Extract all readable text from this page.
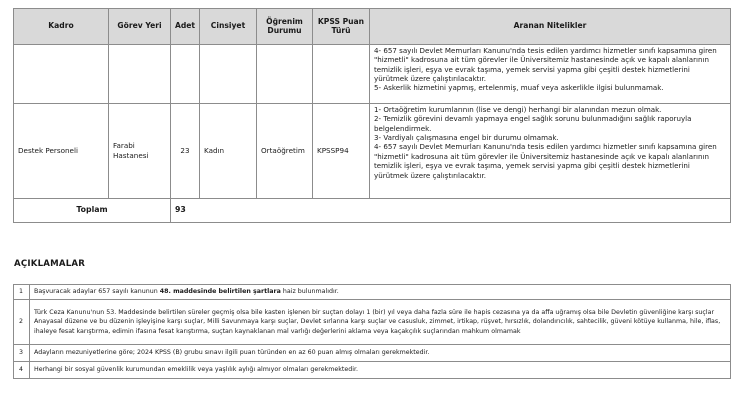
Kadro	Görev Yeri	Adet	Cinsiyet	Öğrenim Durumu	KPSS Puan Türü	Aranan Nitelikler

						4- 657 sayılı Devlet Memurları Kanunu'nda tesis edilen yardımcı hizmetler sınıfı kapsamına giren "hizmetli" kadrosuna ait tüm görevler ile Üniversitemiz hastanesinde açık ve kapalı alanlarının temizlik işleri, eşya ve evrak taşıma, yemek servisi yapma gibi çeşitli destek hizmetlerini yürütmek üzere çalıştırılacaktır.

5- Askerlik hizmetini yapmış, ertelenmiş, muaf veya askerlikle ilgisi bulunmamak.

Destek Personeli	Farabi Hastanesi	23	Kadın	Ortaöğretim	KPSSP94	1- Ortaöğretim kurumlarının (lise ve dengi) herhangi bir alanından mezun olmak.

2- Temizlik görevini devamlı yapmaya engel sağlık sorunu bulunmadığını sağlık raporuyla belgelendirmek.

3- Vardiyalı çalışmasına engel bir durumu olmamak.

4- 657 sayılı Devlet Memurları Kanunu'nda tesis edilen yardımcı hizmetler sınıfı kapsamına giren "hizmetli" kadrosuna ait tüm görevler ile Üniversitemiz hastanesinde açık ve kapalı alanlarının temizlik işleri, eşya ve evrak taşıma, yemek servisi yapma gibi çeşitli destek hizmetlerini yürütmek üzere çalıştırılacaktır.

Toplam		93				
AÇIKLAMALAR
1	Başvuracak adaylar 657 sayılı kanunun 48. maddesinde belirtilen şartlara haiz bulunmalıdır.
2	Türk Ceza Kanunu'nun 53. Maddesinde belirtilen süreler geçmiş olsa bile kasten işlenen bir suçtan dolayı 1 (bir) yıl veya daha fazla süre ile hapis cezasına ya da affa uğramış olsa bile Devletin güvenliğine karşı suçlar Anayasal düzene ve bu düzenin işleyişine karşı suçlar, Milli Savunmaya karşı suçlar, Devlet sırlarına karşı suçlar ve casusluk, zimmet, irtikap, rüşvet, hırsızlık, dolandırıcılık, sahtecilik, güveni kötüye kullanma, hile, iflas, ihaleye fesat karıştırma, edimin ifasına fesat karıştırma, suçtan kaynaklanan mal varlığı değerlerini aklama veya kaçakçılık suçlarından mahkum olmamak
3	Adayların mezuniyetlerine göre; 2024 KPSS (B) grubu sınavı ilgili puan türünden en az 60 puan almış olmaları gerekmektedir.
4	Herhangi bir sosyal güvenlik kurumundan emeklilik veya yaşlılık aylığı almıyor olmaları gerekmektedir.
